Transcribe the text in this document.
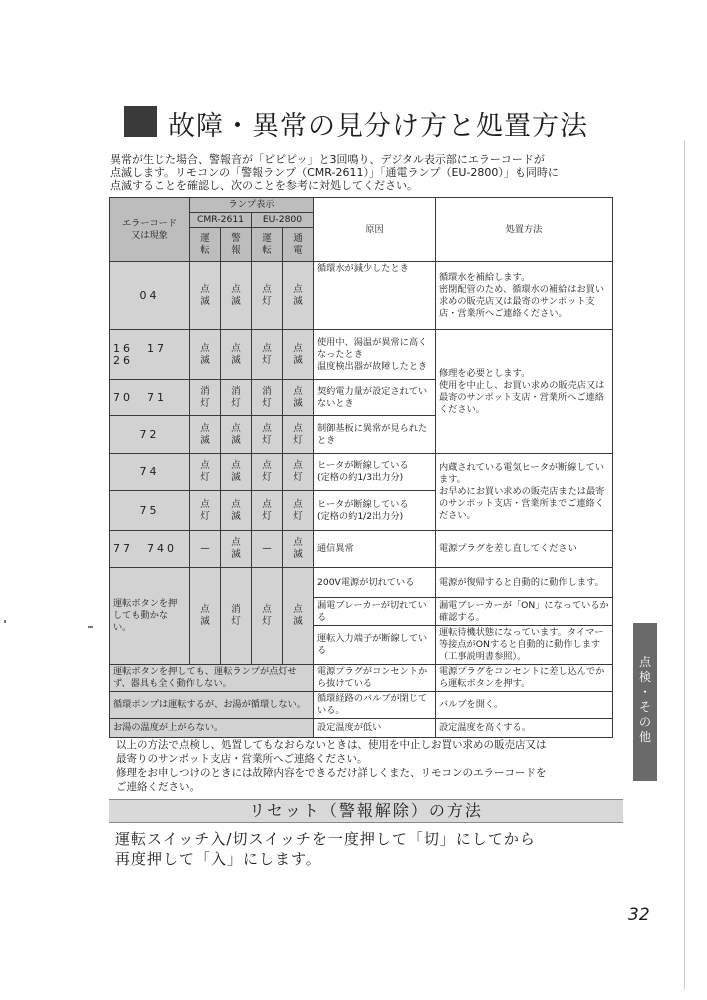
故障・異常の見分け方と処置方法
異常が生じた場合、警報音が「ピピピッ」と3回鳴り、デジタル表示部にエラーコードが
点滅します。リモコンの「警報ランプ（CMR-2611）」「通電ランプ（EU-2800）」も同時に
点滅することを確認し、次のことを参考に対処してください。
エラーコード
又は現象	ランプ表示				原因	処置方法
	CMR-2611		EU-2800			
	運転	警報	運転	通電		
04	点滅	点滅	点灯	点滅	循環水が減少したとき	循環水を補給します。
密閉配管のため、循環水の補給はお買い求めの販売店又は最寄のサンポット支店・営業所へご連絡ください。
16　17
26	点滅	点滅	点灯	点滅	使用中、湯温が異常に高くなったとき
温度検出器が故障したとき	修理を必要とします。
使用を中止し、お買い求めの販売店又は最寄のサンポット支店・営業所へご連絡ください。
70　71	消灯	消灯	消灯	点滅	契約電力量が設定されていないとき	
72	点滅	点滅	点灯	点灯	制御基板に異常が見られたとき	
74	点灯	点滅	点灯	点灯	ヒータが断線している
(定格の約1/3出力分)	内蔵されている電気ヒータが断線しています。
お早めにお買い求めの販売店または最寄のサンポット支店・営業所までご連絡ください。
75	点灯	点滅	点灯	点灯	ヒータが断線している
(定格の約1/2出力分)	
77　740	—	点滅	—	点滅	通信異常	電源プラグを差し直してください
運転ボタンを押しても動かない。	点滅	消灯	点灯	点滅	200V電源が切れている	電源が復帰すると自動的に動作します。
					漏電ブレーカーが切れている	漏電ブレーカーが「ON」になっているか確認する。
					運転入力端子が断線している	運転待機状態になっています。タイマー等接点がONすると自動的に動作します（工事説明書参照）。
運転ボタンを押しても、運転ランプが点灯せず、器具も全く動作しない。					電源プラグがコンセントから抜けている	電源プラグをコンセントに差し込んでから運転ボタンを押す。
循環ポンプは運転するが、お湯が循環しない。					循環経路のバルブが閉じている。	バルブを開く。
お湯の温度が上がらない。					設定温度が低い	設定温度を高くする。
以上の方法で点検し、処置してもなおらないときは、使用を中止しお買い求めの販売店又は
最寄りのサンポット支店・営業所へご連絡ください。
修理をお申しつけのときには故障内容をできるだけ詳しくまた、リモコンのエラーコードを
ご連絡ください。
リセット（警報解除）の方法
運転スイッチ入/切スイッチを一度押して「切」にしてから
再度押して「入」にします。
点
検
・
そ
の
他
32
